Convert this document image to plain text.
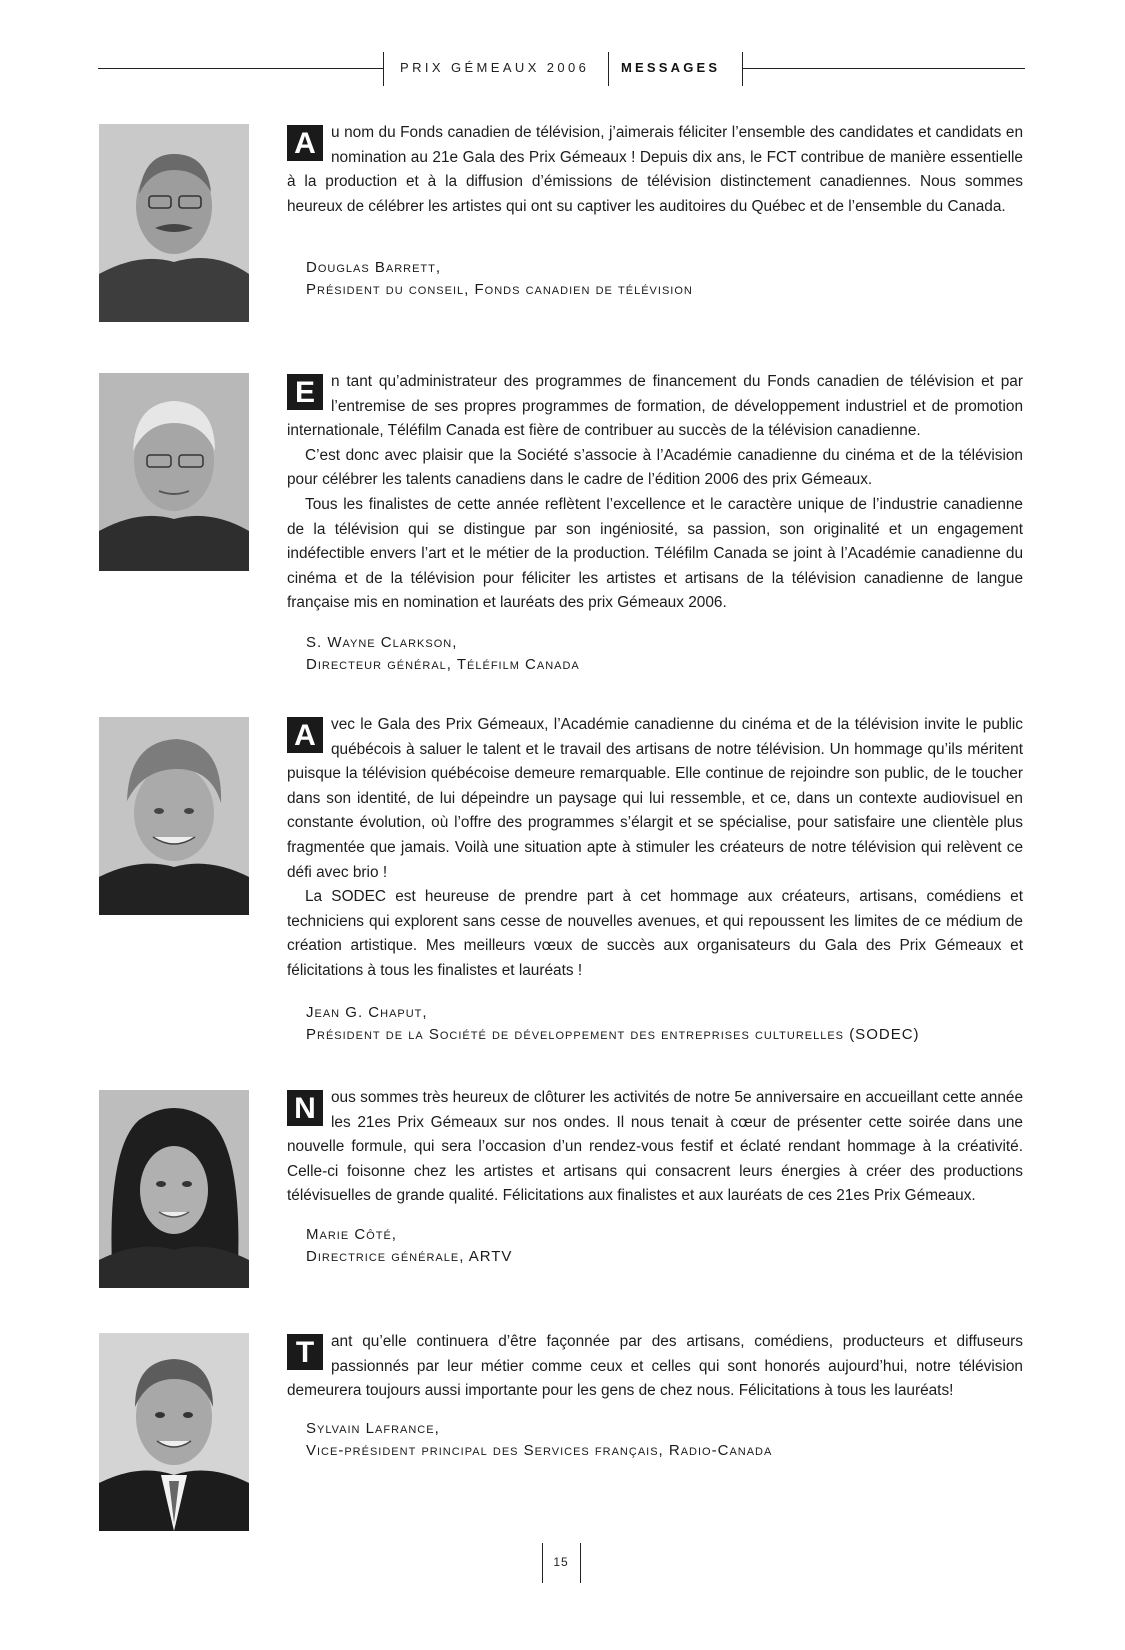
PRIX GÉMEAUX 2006	MESSAGES
A u nom du Fonds canadien de télévision, j’aimerais féliciter l’ensemble des candidates et candidats en nomination au 21e Gala des Prix Gémeaux ! Depuis dix ans, le FCT contribue de manière essentielle à la production et à la diffusion d’émissions de télévision distinctement canadiennes. Nous sommes heureux de célébrer les artistes qui ont su captiver les auditoires du Québec et de l’ensemble du Canada.

Douglas Barrett,
Président du conseil, Fonds canadien de télévision
E	n tant qu’administrateur des programmes de financement du Fonds canadien de télévision et par l’entremise de ses propres programmes de formation, de développement industriel et de promotion internationale, Téléfilm Canada est fière de contribuer au succès de la télévision canadienne.

C’est donc avec plaisir que la Société s’associe à l’Académie canadienne du cinéma et de la télévision pour célébrer les talents canadiens dans le cadre de l’édition 2006 des prix Gémeaux.

Tous les finalistes de cette année reflètent l’excellence et le caractère unique de l’industrie canadienne de la télévision qui se distingue par son ingéniosité, sa passion, son originalité et un engagement indéfectible envers l’art et le métier de la production. Téléfilm Canada se joint à l’Académie canadienne du cinéma et de la télévision pour féliciter les artistes et artisans de la télévision canadienne de langue française mis en nomination et lauréats des prix Gémeaux 2006.

S. Wayne Clarkson,
Directeur général, Téléfilm Canada
A vec le Gala des Prix Gémeaux, l’Académie canadienne du cinéma et de la télévision invite le public québécois à saluer le talent et le travail des artisans de notre télévision. Un hommage qu’ils méritent puisque la télévision québécoise demeure remarquable. Elle continue de rejoindre son public, de le toucher dans son identité, de lui dépeindre un paysage qui lui ressemble, et ce, dans un contexte audiovisuel en constante évolution, où l’offre des programmes s’élargit et se spécialise, pour satisfaire une clientèle plus fragmentée que jamais. Voilà une situation apte à stimuler les créateurs de notre télévision qui relèvent ce défi avec brio !

La SODEC est heureuse de prendre part à cet hommage aux créateurs, artisans, comédiens et techniciens qui explorent sans cesse de nouvelles avenues, et qui repoussent les limites de ce médium de création artistique. Mes meilleurs vœux de succès aux organisateurs du Gala des Prix Gémeaux et félicitations à tous les finalistes et lauréats !

Jean G. Chaput,
Président de la Société de développement des entreprises culturelles (SODEC)
N ous sommes très heureux de clôturer les activités de notre 5e anniversaire en accueillant cette année les 21es Prix Gémeaux sur nos ondes. Il nous tenait à cœur de présenter cette soirée dans une nouvelle formule, qui sera l’occasion d’un rendez-vous festif et éclaté rendant hommage à la créativité. Celle-ci foisonne chez les artistes et artisans qui consacrent leurs énergies à créer des productions télévisuelles de grande qualité. Félicitations aux finalistes et aux lauréats de ces 21es Prix Gémeaux.

Marie Côté,
Directrice générale, ARTV
T	ant qu’elle continuera d’être façonnée par des artisans, comédiens, producteurs et diffuseurs passionnés par leur métier comme ceux et celles qui sont honorés aujourd’hui, notre télévision demeurera toujours aussi importante pour les gens de chez nous. Félicitations à tous les lauréats!

Sylvain Lafrance,
Vice-président principal des Services français, Radio-Canada
15
